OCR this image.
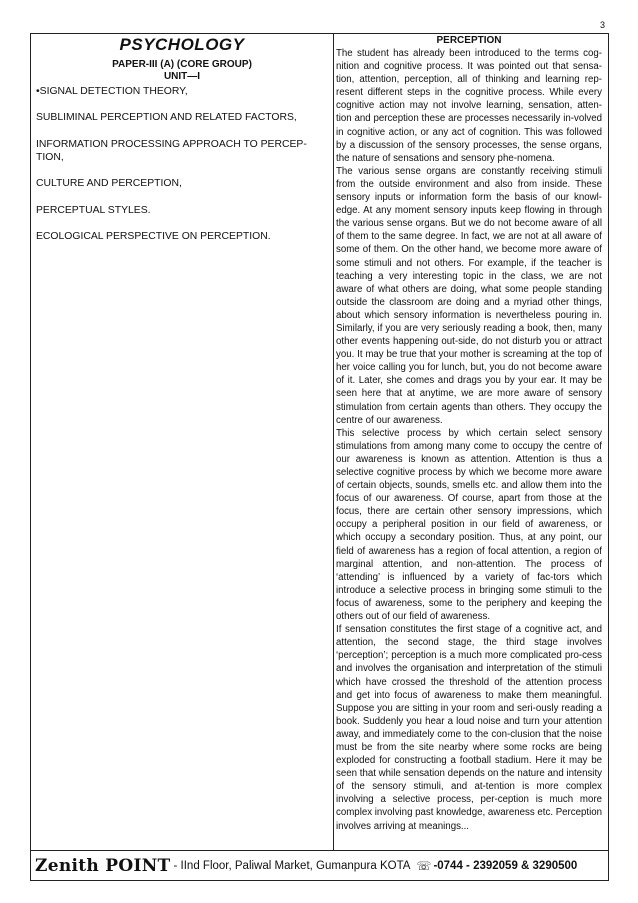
3
PSYCHOLOGY
PAPER-III (A) (CORE GROUP)
UNIT—I
•SIGNAL DETECTION THEORY,
SUBLIMINAL PERCEPTION AND RELATED FACTORS,
INFORMATION PROCESSING APPROACH TO PERCEP-TION,
CULTURE AND PERCEPTION,
PERCEPTUAL STYLES.
ECOLOGICAL PERSPECTIVE ON PERCEPTION.
PERCEPTION

The student has already been introduced to the terms cog-nition and cognitive process. It was pointed out that sensa-tion, attention, perception, all of thinking and learning rep-resent different steps in the cognitive process. While every cognitive action may not involve learning, sensation, atten-tion and perception these are processes necessarily in-volved in cognitive action, or any act of cognition. This was followed by a discussion of the sensory processes, the sense organs, the nature of sensations and sensory phe-nomena.

The various sense organs are constantly receiving stimuli from the outside environment and also from inside. These sensory inputs or information form the basis of our knowl-edge. At any moment sensory inputs keep flowing in through the various sense organs. But we do not become aware of all of them to the same degree. In fact, we are not at all aware of some of them. On the other hand, we become more aware of some stimuli and not others. For example, if the teacher is teaching a very interesting topic in the class, we are not aware of what others are doing, what some people standing outside the classroom are doing and a myriad other things, about which sensory information is nevertheless pouring in. Similarly, if you are very seriously reading a book, then, many other events happening out-side, do not disturb you or attract you. It may be true that your mother is screaming at the top of her voice calling you for lunch, but, you do not become aware of it. Later, she comes and drags you by your ear. It may be seen here that at anytime, we are more aware of sensory stimulation from certain agents than others. They occupy the centre of our awareness.

This selective process by which certain select sensory stimulations from among many come to occupy the centre of our awareness is known as attention. Attention is thus a selective cognitive process by which we become more aware of certain objects, sounds, smells etc. and allow them into the focus of our awareness. Of course, apart from those at the focus, there are certain other sensory impressions, which occupy a peripheral position in our field of awareness, or which occupy a secondary position. Thus, at any point, our field of awareness has a region of focal attention, a region of marginal attention, and non-attention. The process of ‘attending’ is influenced by a variety of fac-tors which introduce a selective process in bringing some stimuli to the focus of awareness, some to the periphery and keeping the others out of our field of awareness.

If sensation constitutes the first stage of a cognitive act, and attention, the second stage, the third stage involves ‘perception’; perception is a much more complicated pro-cess and involves the organisation and interpretation of the stimuli which have crossed the threshold of the attention process and get into focus of awareness to make them meaningful. Suppose you are sitting in your room and seri-ously reading a book. Suddenly you hear a loud noise and turn your attention away, and immediately come to the con-clusion that the noise must be from the site nearby where some rocks are being exploded for constructing a football stadium. Here it may be seen that while sensation depends on the nature and intensity of the sensory stimuli, and at-tention is more complex involving a selective process, per-ception is much more complex involving past knowledge, awareness etc. Perception involves arriving at meanings...

Zenith POINT - IInd Floor, Paliwal Market, Gumanpura KOTA ☏ -0744 - 2392059 & 3290500
